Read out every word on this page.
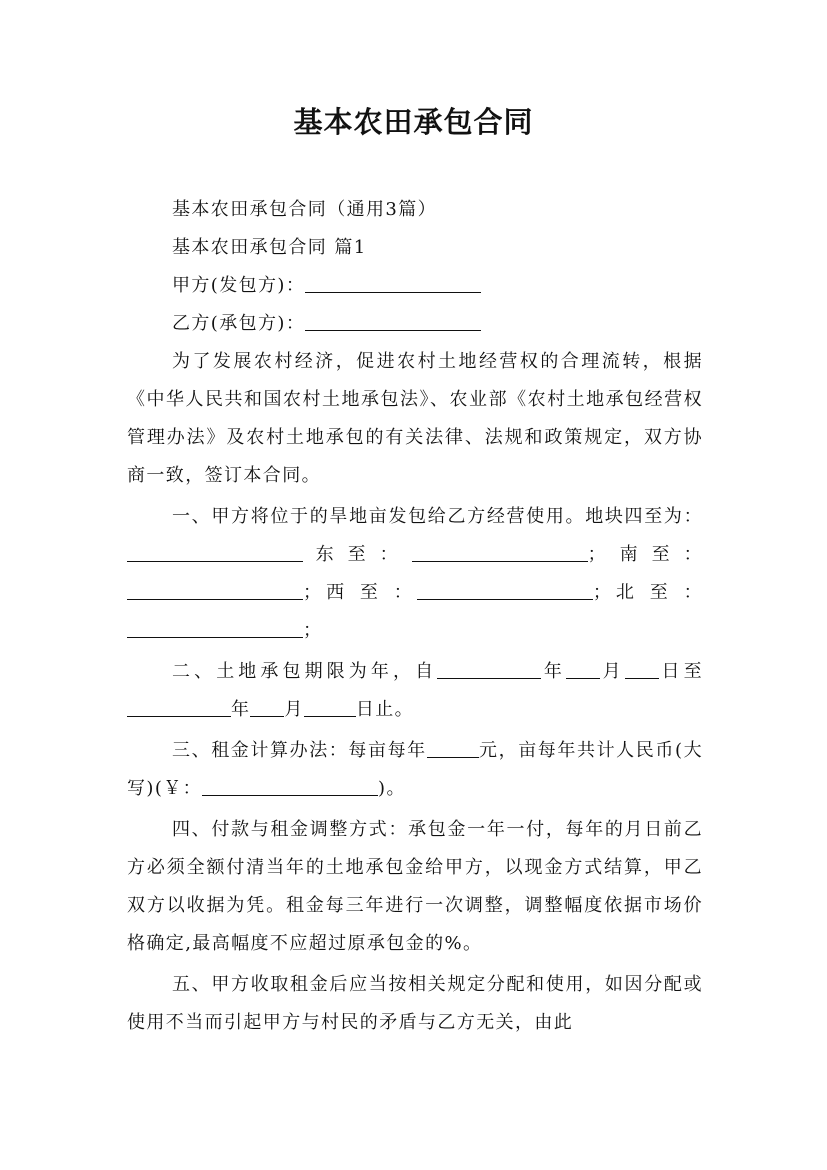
基本农田承包合同

基本农田承包合同（通用3篇）

基本农田承包合同 篇1

甲方(发包方)：

乙方(承包方)：

为了发展农村经济，促进农村土地经营权的合理流转，根据《中华人民共和国农村土地承包法》、农业部《农村土地承包经营权管理办法》及农村土地承包的有关法律、法规和政策规定，双方协商一致，签订本合同。

一、甲方将位于的旱地亩发包给乙方经营使用。地块四至为：东至：	；南至：；西 至 ：	；北 至 ：；

二、土地承包期限为年，自	年 月 日至年 月	日止。

三、租金计算办法：每亩每年	元，亩每年共计人民币(大写)(￥：	)。

四、付款与租金调整方式：承包金一年一付，每年的月日前乙方必须全额付清当年的土地承包金给甲方，以现金方式结算，甲乙双方以收据为凭。租金每三年进行一次调整，调整幅度依据市场价格确定,最高幅度不应超过原承包金的%。

五、甲方收取租金后应当按相关规定分配和使用，如因分配或使用不当而引起甲方与村民的矛盾与乙方无关，由此
